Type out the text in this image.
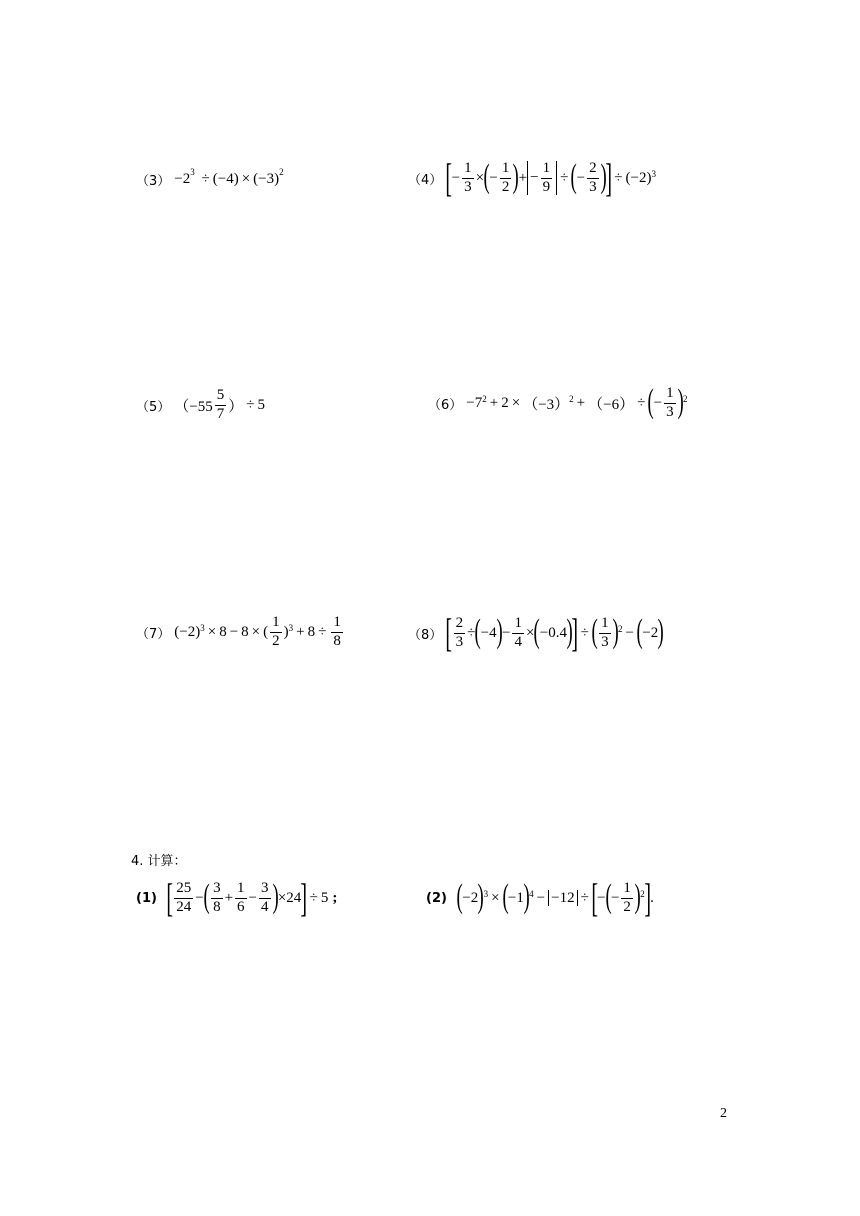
$(3) -2^3 \div (-4) \times (-3)^2$
（4） [ − $\frac{1}{3}$ × ( − $\frac{1}{2}$ ) + − $\frac{1}{9}$ ÷ ( − $\frac{2}{3}$ )
] ÷ $(-2)^3$
（5） （$-55 \frac{5}{7}$ ） ÷ 5	$(6) -7^2 + 2 \times (-3)^2 + (-6)$ ÷ ( − $\frac{1}{3} )^2$
（7） $(-2)^3 \times 8 - 8$ × ( $\frac{1}{2} )^3 + 8 \div \frac{1}{8}$	（8） [ $\frac{2}{3}$ ÷ ( −4 ) − $\frac{1}{4}$ × ( −0.4 )
] ÷ ( $\frac{1}{3} )^2$ − ( −2 )
4. 计算：
(1) [ $\frac{25}{24}$ − ( $\frac{3}{8} + \frac{1}{6} - \frac{3}{4}$ ) ×24 ] ÷ 5 ;	(2) ( −2 )$^3$ × ( −1 )$^4$ − −12 ÷ [ − ( − $\frac{1}{2} )^2$ ] .
2
